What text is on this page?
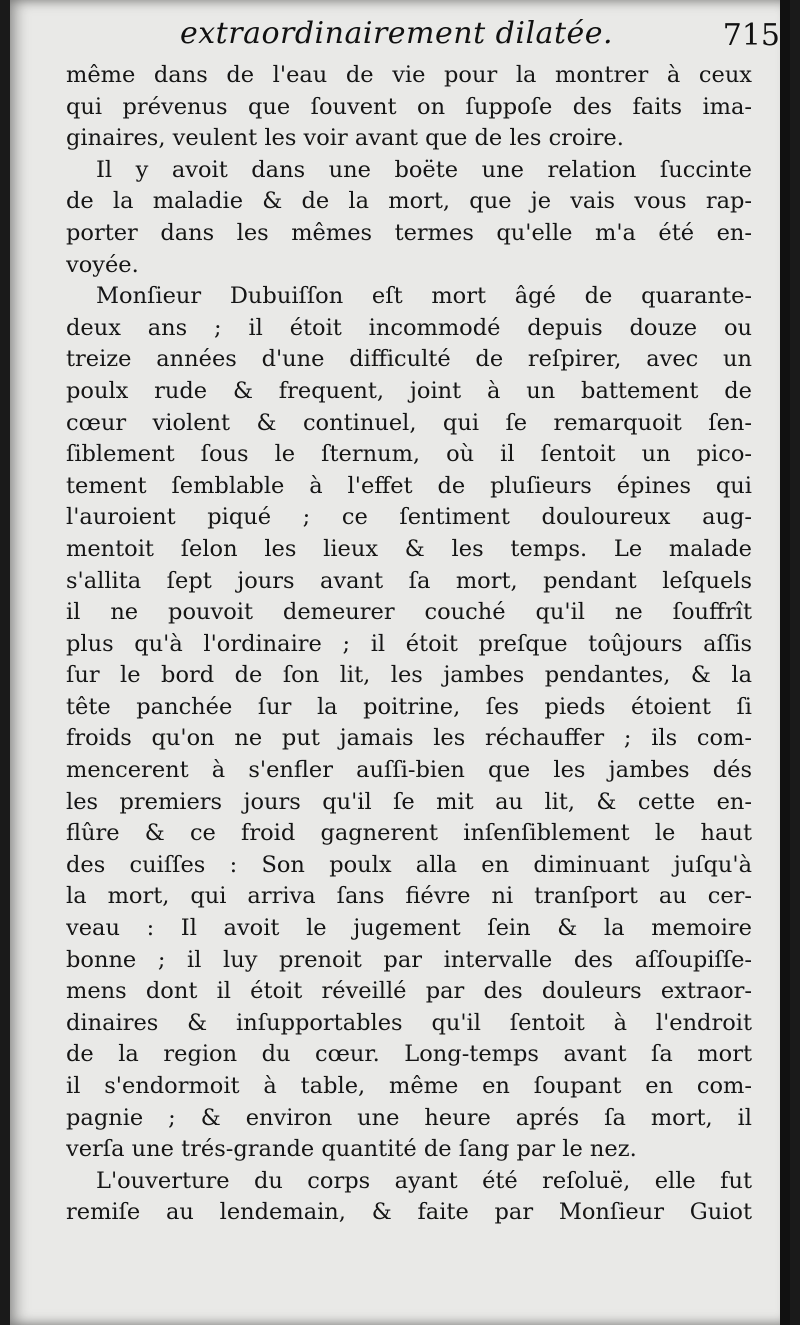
extraordinairement dilatée.	715
même dans de l'eau de vie pour la montrer à ceux
qui prévenus que ſouvent on ſuppoſe des faits ima-
ginaires, veulent les voir avant que de les croire.
Il y avoit dans une boëte une relation ſuccinte
de la maladie & de la mort, que je vais vous rap-
porter dans les mêmes termes qu'elle m'a été en-
voyée.
Monſieur Dubuiſſon eſt mort âgé de quarante-
deux ans ; il étoit incommodé depuis douze ou
treize années d'une difficulté de reſpirer, avec un
poulx rude & frequent, joint à un battement de
cœur violent & continuel, qui ſe remarquoit ſen-
ſiblement ſous le ſternum, où il ſentoit un pico-
tement ſemblable à l'effet de pluſieurs épines qui
l'auroient piqué ; ce ſentiment douloureux aug-
mentoit ſelon les lieux & les temps. Le malade
s'allita ſept jours avant ſa mort, pendant leſquels
il ne pouvoit demeurer couché qu'il ne ſouffrît
plus qu'à l'ordinaire ; il étoit preſque toûjours aſſis
ſur le bord de ſon lit, les jambes pendantes, & la
tête panchée ſur la poitrine, ſes pieds étoient ſi
froids qu'on ne put jamais les réchauffer ; ils com-
mencerent à s'enfler auſſi-bien que les jambes dés
les premiers jours qu'il ſe mit au lit, & cette en-
flûre & ce froid gagnerent inſenſiblement le haut
des cuiſſes : Son poulx alla en diminuant juſqu'à
la mort, qui arriva ſans fiévre ni tranſport au cer-
veau : Il avoit le jugement ſein & la memoire
bonne ; il luy prenoit par intervalle des aſſoupiſſe-
mens dont il étoit réveillé par des douleurs extraor-
dinaires & inſupportables qu'il ſentoit à l'endroit
de la region du cœur. Long-temps avant ſa mort
il s'endormoit à table, même en ſoupant en com-
pagnie ; & environ une heure aprés ſa mort, il
verſa une trés-grande quantité de ſang par le nez.
L'ouverture du corps ayant été reſoluë, elle fut
remiſe au lendemain, & faite par Monſieur Guiot
